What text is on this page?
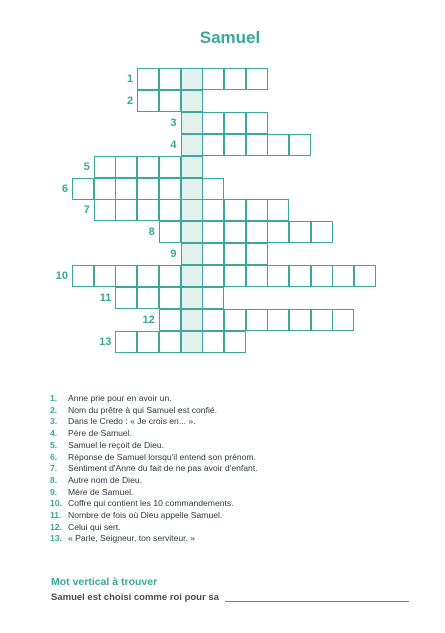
Samuel
1
2
3
4
5
6
7
8
9
10
11
12
13
1. Anne prie pour en avoir un.
2. Nom du prêtre à qui Samuel est confié.
3. Dans le Credo : « Je crois en... ».
4. Père de Samuel.
5. Samuel le reçoit de Dieu.
6. Réponse de Samuel lorsqu'il entend son prénom.
7. Sentiment d'Anne du fait de ne pas avoir d'enfant.
8. Autre nom de Dieu.
9. Mère de Samuel.
10. Coffre qui contient les 10 commandements.
11. Nombre de fois où Dieu appelle Samuel.
12. Celui qui sert.
13. « Parle, Seigneur, ton serviteur. »
Mot vertical à trouver
Samuel est choisi comme roi pour sa
